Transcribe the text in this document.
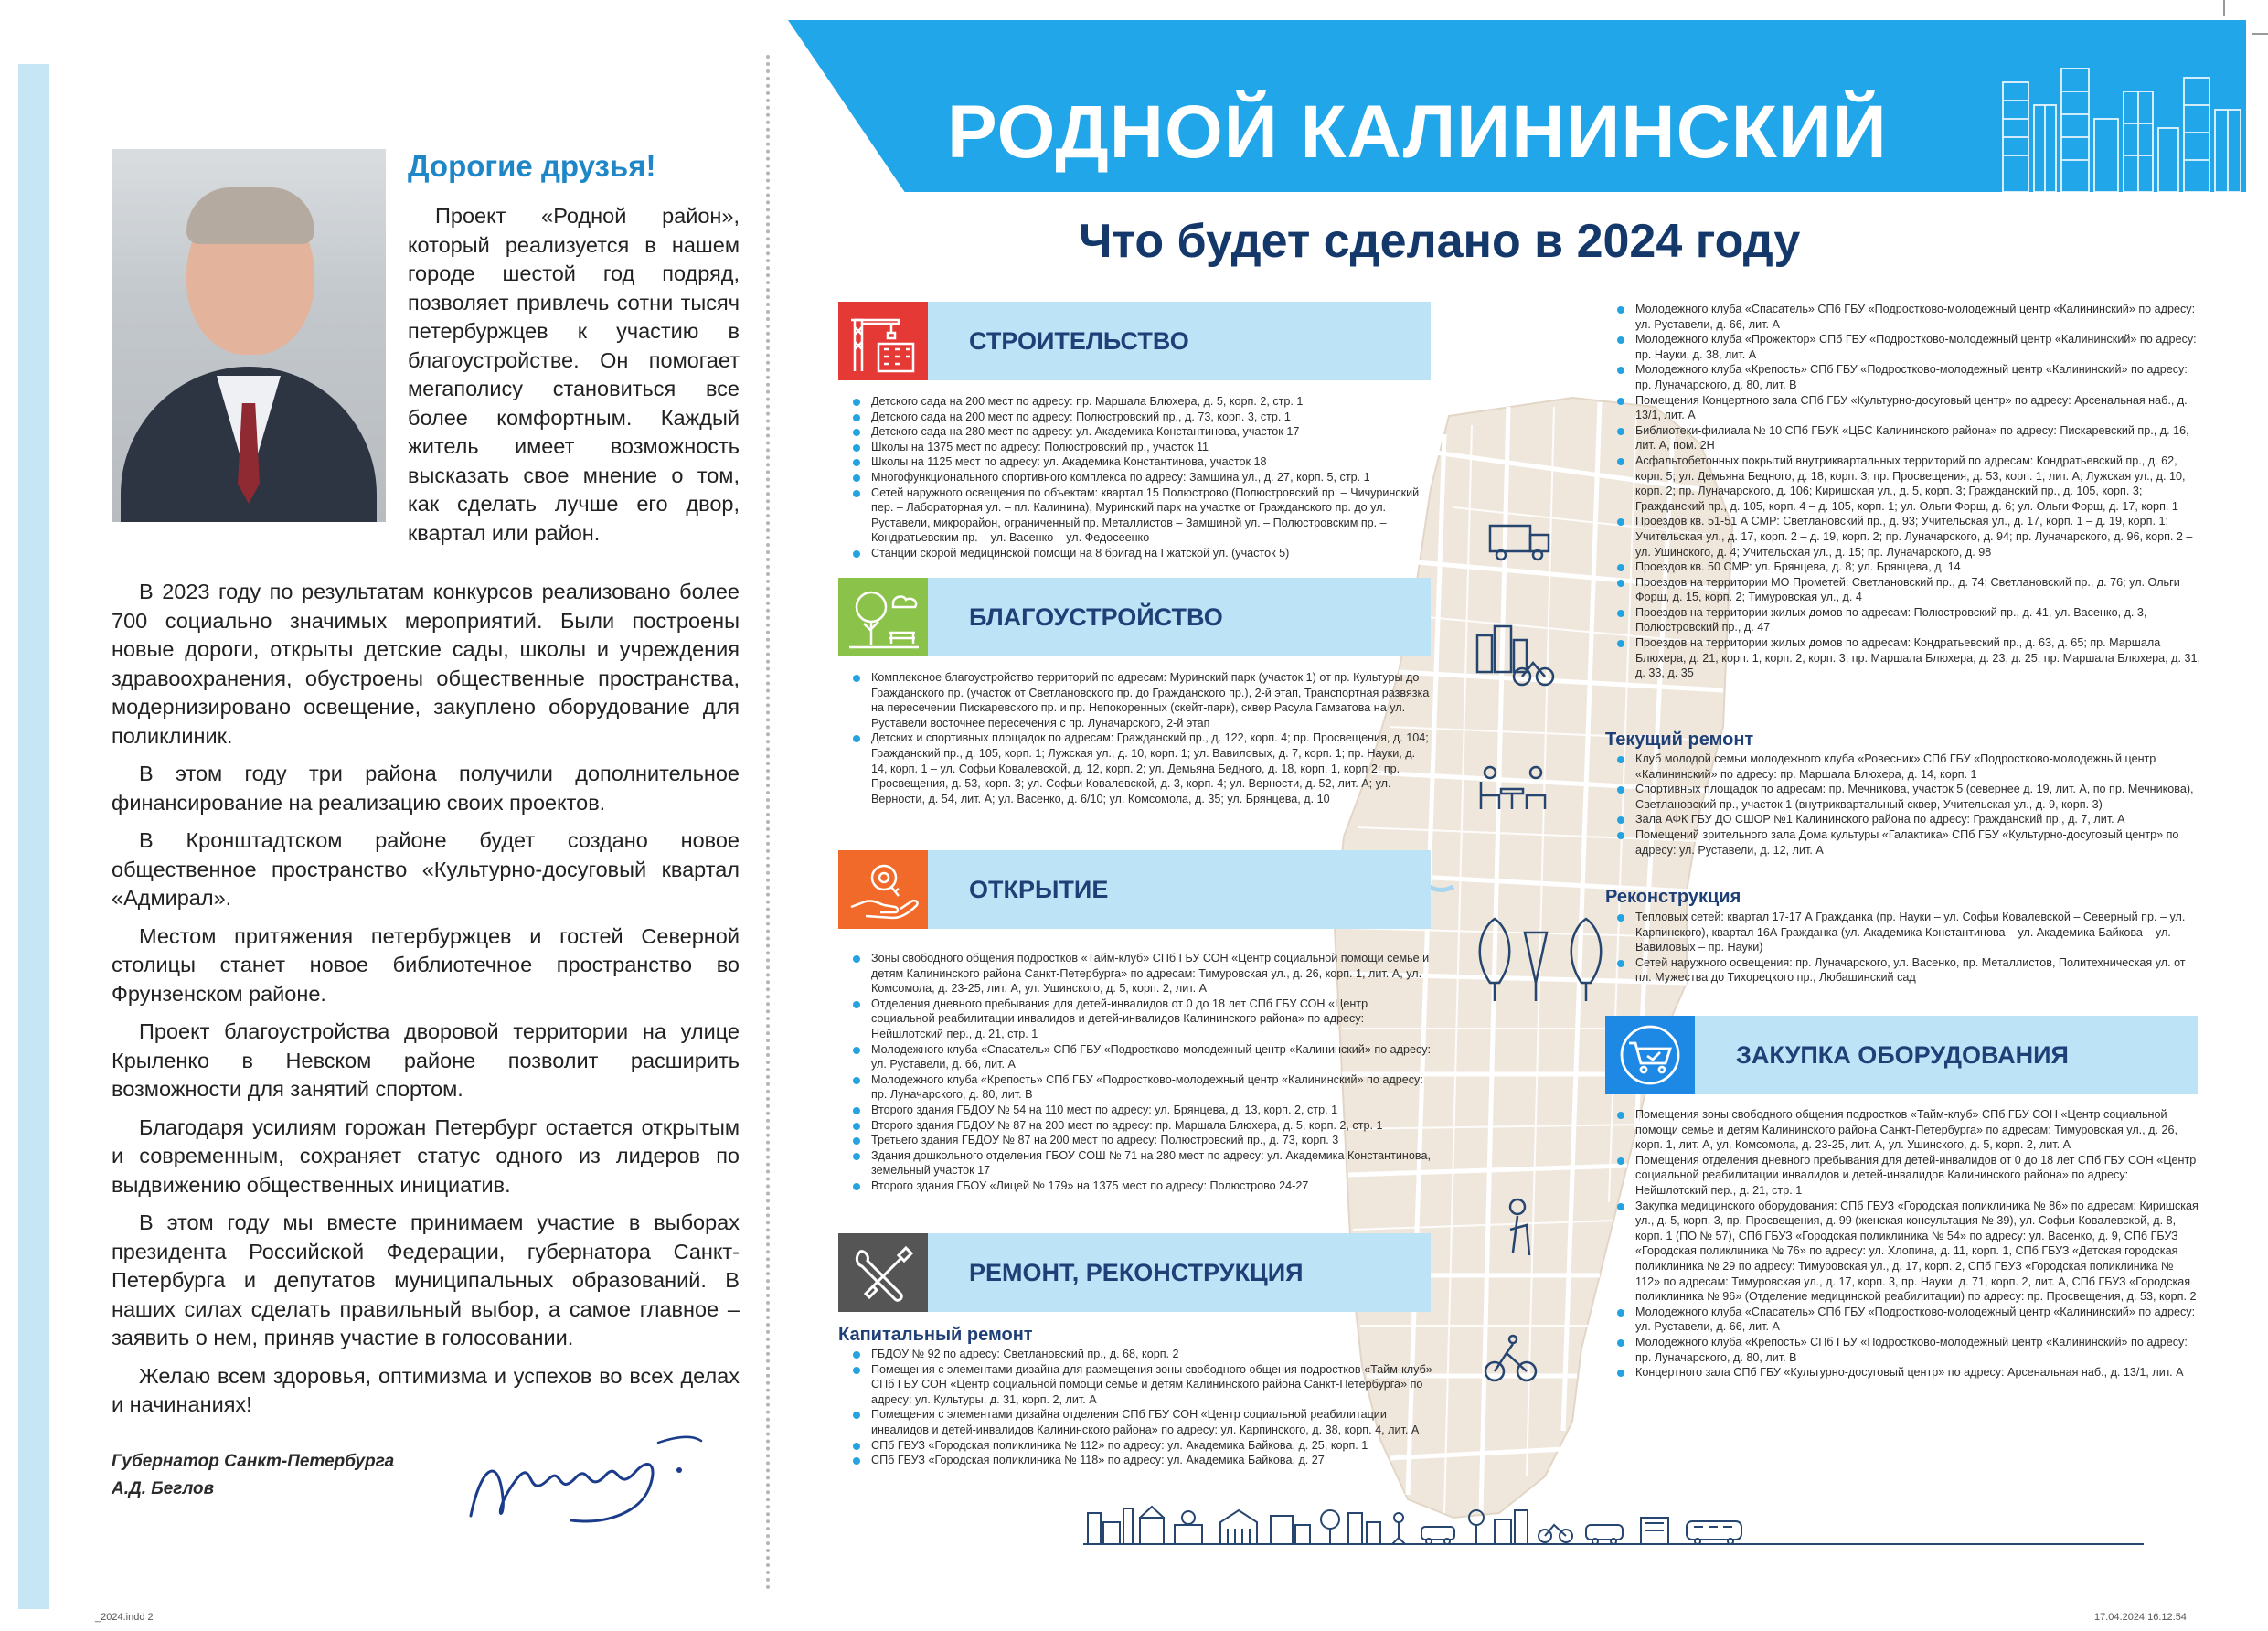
Дорогие друзья!

Проект «Родной район», который реализуется в нашем городе шестой год подряд, позволяет привлечь сотни тысяч петербуржцев к участию в благоустройстве. Он помогает мегаполису становиться все более комфортным. Каждый житель имеет возможность высказать свое мнение о том, как сделать лучше его двор, квартал или район.

В 2023 году по результатам конкурсов реализовано более 700 социально значимых мероприятий. Были построены новые дороги, открыты детские сады, школы и учреждения здравоохранения, обустроены общественные пространства, модернизировано освещение, закуплено оборудование для поликлиник.

В этом году три района получили дополнительное финансирование на реализацию своих проектов.

В Кронштадтском районе будет создано новое общественное пространство «Культурно-досуговый квартал «Адмирал».

Местом притяжения петербуржцев и гостей Северной столицы станет новое библиотечное пространство во Фрунзенском районе.

Проект благоустройства дворовой территории на улице Крыленко в Невском районе позволит расширить возможности для занятий спортом.

Благодаря усилиям горожан Петербург остается открытым и современным, сохраняет статус одного из лидеров по выдвижению общественных инициатив.

В этом году мы вместе принимаем участие в выборах президента Российской Федерации, губернатора Санкт-Петербурга и депутатов муниципальных образований. В наших силах сделать правильный выбор, а самое главное – заявить о нем, приняв участие в голосовании.

Желаю всем здоровья, оптимизма и успехов во всех делах и начинаниях!

Губернатор Санкт-Петербурга
А.Д. Беглов
РОДНОЙ КАЛИНИНСКИЙ
Что будет сделано в 2024 году
СТРОИТЕЛЬСТВО
Детского сада на 200 мест по адресу: пр. Маршала Блюхера, д. 5, корп. 2, стр. 1
Детского сада на 200 мест по адресу: Полюстровский пр., д. 73, корп. 3, стр. 1
Детского сада на 280 мест по адресу: ул. Академика Константинова, участок 17
Школы на 1375 мест по адресу: Полюстровский пр., участок 11
Школы на 1125 мест по адресу: ул. Академика Константинова, участок 18
Многофункционального спортивного комплекса по адресу: Замшина ул., д. 27, корп. 5, стр. 1
Сетей наружного освещения по объектам: квартал 15 Полюстрово (Полюстровский пр. – Чичуринский пер. – Лабораторная ул. – пл. Калинина), Муринский парк на участке от Гражданского пр. до ул. Руставели, микрорайон, ограниченный пр. Металлистов – Замшиной ул. – Полюстровским пр. – Кондратьевским пр. – ул. Васенко – ул. Федосеенко
Станции скорой медицинской помощи на 8 бригад на Гжатской ул. (участок 5)
БЛАГОУСТРОЙСТВО
Комплексное благоустройство территорий по адресам: Муринский парк (участок 1) от пр. Культуры до Гражданского пр. (участок от Светлановского пр. до Гражданского пр.), 2-й этап, Транспортная развязка на пересечении Пискаревского пр. и пр. Непокоренных (скейт-парк), сквер Расула Гамзатова на ул. Руставели восточнее пересечения с пр. Луначарского, 2-й этап
Детских и спортивных площадок по адресам: Гражданский пр., д. 122, корп. 4; пр. Просвещения, д. 104; Гражданский пр., д. 105, корп. 1; Лужская ул., д. 10, корп. 1; ул. Вавиловых, д. 7, корп. 1; пр. Науки, д. 14, корп. 1 – ул. Софьи Ковалевской, д. 12, корп. 2; ул. Демьяна Бедного, д. 18, корп. 1, корп 2; пр. Просвещения, д. 53, корп. 3; ул. Софьи Ковалевской, д. 3, корп. 4; ул. Верности, д. 52, лит. А; ул. Верности, д. 54, лит. А; ул. Васенко, д. 6/10; ул. Комсомола, д. 35; ул. Брянцева, д. 10
ОТКРЫТИЕ
Зоны свободного общения подростков «Тайм-клуб» СПб ГБУ СОН «Центр социальной помощи семье и детям Калининского района Санкт-Петербурга» по адресам: Тимуровская ул., д. 26, корп. 1, лит. А, ул. Комсомола, д. 23-25, лит. А, ул. Ушинского, д. 5, корп. 2, лит. А
Отделения дневного пребывания для детей-инвалидов от 0 до 18 лет СПб ГБУ СОН «Центр социальной реабилитации инвалидов и детей-инвалидов Калининского района» по адресу: Нейшлотский пер., д. 21, стр. 1
Молодежного клуба «Спасатель» СПб ГБУ «Подростково-молодежный центр «Калининский» по адресу: ул. Руставели, д. 66, лит. А
Молодежного клуба «Крепость» СПб ГБУ «Подростково-молодежный центр «Калининский» по адресу: пр. Луначарского, д. 80, лит. В
Второго здания ГБДОУ № 54 на 110 мест по адресу: ул. Брянцева, д. 13, корп. 2, стр. 1
Второго здания ГБДОУ № 87 на 200 мест по адресу: пр. Маршала Блюхера, д. 5, корп. 2, стр. 1
Третьего здания ГБДОУ № 87 на 200 мест по адресу: Полюстровский пр., д. 73, корп. 3
Здания дошкольного отделения ГБОУ СОШ № 71 на 280 мест по адресу: ул. Академика Константинова, земельный участок 17
Второго здания ГБОУ «Лицей № 179» на 1375 мест по адресу: Полюстрово 24-27
РЕМОНТ, РЕКОНСТРУКЦИЯ
Капитальный ремонт
ГБДОУ № 92 по адресу: Светлановский пр., д. 68, корп. 2
Помещения с элементами дизайна для размещения зоны свободного общения подростков «Тайм-клуб» СПб ГБУ СОН «Центр социальной помощи семье и детям Калининского района Санкт-Петербурга» по адресу: ул. Культуры, д. 31, корп. 2, лит. А
Помещения с элементами дизайна отделения СПб ГБУ СОН «Центр социальной реабилитации инвалидов и детей-инвалидов Калининского района» по адресу: ул. Карпинского, д. 38, корп. 4, лит. А
СПб ГБУЗ «Городская поликлиника № 112» по адресу: ул. Академика Байкова, д. 25, корп. 1
СПб ГБУЗ «Городская поликлиника № 118» по адресу: ул. Академика Байкова, д. 27
Молодежного клуба «Спасатель» СПб ГБУ «Подростково-молодежный центр «Калининский» по адресу: ул. Руставели, д. 66, лит. А
Молодежного клуба «Прожектор» СПб ГБУ «Подростково-молодежный центр «Калининский» по адресу: пр. Науки, д. 38, лит. А
Молодежного клуба «Крепость» СПб ГБУ «Подростково-молодежный центр «Калининский» по адресу: пр. Луначарского, д. 80, лит. В
Помещения Концертного зала СПб ГБУ «Культурно-досуговый центр» по адресу: Арсенальная наб., д. 13/1, лит. А
Библиотеки-филиала № 10 СПб ГБУК «ЦБС Калининского района» по адресу: Пискаревский пр., д. 16, лит. А, пом. 2Н
Асфальтобетонных покрытий внутриквартальных территорий по адресам: Кондратьевский пр., д. 62, корп. 5; ул. Демьяна Бедного, д. 18, корп. 3; пр. Просвещения, д. 53, корп. 1, лит. А; Лужская ул., д. 10, корп. 2; пр. Луначарского, д. 106; Киришская ул., д. 5, корп. 3; Гражданский пр., д. 105, корп. 3; Гражданский пр., д. 105, корп. 4 – д. 105, корп. 1; ул. Ольги Форш, д. 6; ул. Ольги Форш, д. 17, корп. 1
Проездов кв. 51-51 А СМР: Светлановский пр., д. 93; Учительская ул., д. 17, корп. 1 – д. 19, корп. 1; Учительская ул., д. 17, корп. 2 – д. 19, корп. 2; пр. Луначарского, д. 94; пр. Луначарского, д. 96, корп. 2 – ул. Ушинского, д. 4; Учительская ул., д. 15; пр. Луначарского, д. 98
Проездов кв. 50 СМР: ул. Брянцева, д. 8; ул. Брянцева, д. 14
Проездов на территории МО Прометей: Светлановский пр., д. 74; Светлановский пр., д. 76; ул. Ольги Форш, д. 15, корп. 2; Тимуровская ул., д. 4
Проездов на территории жилых домов по адресам: Полюстровский пр., д. 41, ул. Васенко, д. 3, Полюстровский пр., д. 47
Проездов на территории жилых домов по адресам: Кондратьевский пр., д. 63, д. 65; пр. Маршала Блюхера, д. 21, корп. 1, корп. 2, корп. 3; пр. Маршала Блюхера, д. 23, д. 25; пр. Маршала Блюхера, д. 31, д. 33, д. 35
Текущий ремонт
Клуб молодой семьи молодежного клуба «Ровесник» СПб ГБУ «Подростково-молодежный центр «Калининский» по адресу: пр. Маршала Блюхера, д. 14, корп. 1
Спортивных площадок по адресам: пр. Мечникова, участок 5 (севернее д. 19, лит. А, по пр. Мечникова), Светлановский пр., участок 1 (внутриквартальный сквер, Учительская ул., д. 9, корп. 3)
Зала АФК ГБУ ДО СШОР №1 Калининского района по адресу: Гражданский пр., д. 7, лит. А
Помещений зрительного зала Дома культуры «Галактика» СПб ГБУ «Культурно-досуговый центр» по адресу: ул. Руставели, д. 12, лит. А
Реконструкция
Тепловых сетей: квартал 17-17 А Гражданка (пр. Науки – ул. Софьи Ковалевской – Северный пр. – ул. Карпинского), квартал 16А Гражданка (ул. Академика Константинова – ул. Академика Байкова – ул. Вавиловых – пр. Науки)
Сетей наружного освещения: пр. Луначарского, ул. Васенко, пр. Металлистов, Политехническая ул. от пл. Мужества до Тихорецкого пр., Любашинский сад
ЗАКУПКА ОБОРУДОВАНИЯ
Помещения зоны свободного общения подростков «Тайм-клуб» СПб ГБУ СОН «Центр социальной помощи семье и детям Калининского района Санкт-Петербурга» по адресам: Тимуровская ул., д. 26, корп. 1, лит. А, ул. Комсомола, д. 23-25, лит. А, ул. Ушинского, д. 5, корп. 2, лит. А
Помещения отделения дневного пребывания для детей-инвалидов от 0 до 18 лет СПб ГБУ СОН «Центр социальной реабилитации инвалидов и детей-инвалидов Калининского района» по адресу: Нейшлотский пер., д. 21, стр. 1
Закупка медицинского оборудования: СПб ГБУЗ «Городская поликлиника № 86» по адресам: Киришская ул., д. 5, корп. 3, пр. Просвещения, д. 99 (женская консультация № 39), ул. Софьи Ковалевской, д. 8, корп. 1 (ПО № 57), СПб ГБУЗ «Городская поликлиника № 54» по адресу: ул. Васенко, д. 9, СПб ГБУЗ «Городская поликлиника № 76» по адресу: ул. Хлопина, д. 11, корп. 1, СПб ГБУЗ «Детская городская поликлиника № 29 по адресу: Тимуровская ул., д. 17, корп. 2, СПб ГБУЗ «Городская поликлиника № 112» по адресам: Тимуровская ул., д. 17, корп. 3, пр. Науки, д. 71, корп. 2, лит. А, СПб ГБУЗ «Городская поликлиника № 96» (Отделение медицинской реабилитации) по адресу: пр. Просвещения, д. 53, корп. 2
Молодежного клуба «Спасатель» СПб ГБУ «Подростково-молодежный центр «Калининский» по адресу: ул. Руставели, д. 66, лит. А
Молодежного клуба «Крепость» СПб ГБУ «Подростково-молодежный центр «Калининский» по адресу: пр. Луначарского, д. 80, лит. В
Концертного зала СПб ГБУ «Культурно-досуговый центр» по адресу: Арсенальная наб., д. 13/1, лит. А
_2024.indd 2	17.04.2024 16:12:54
